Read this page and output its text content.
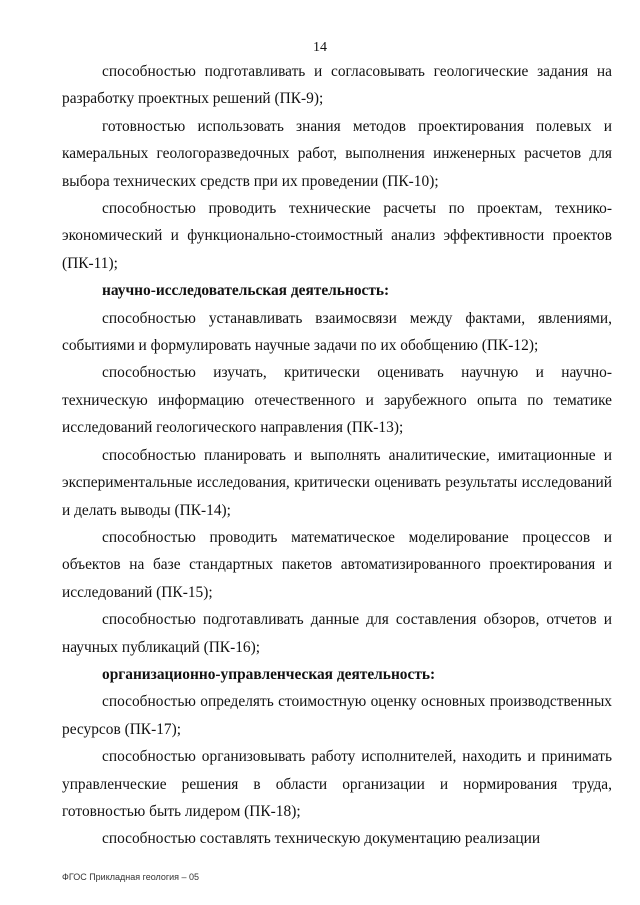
14

способностью подготавливать и согласовывать геологические задания на разработку проектных решений (ПК-9);

готовностью использовать знания методов проектирования полевых и камеральных геологоразведочных работ, выполнения инженерных расчетов для выбора технических средств при их проведении (ПК-10);

способностью проводить технические расчеты по проектам, технико-экономический и функционально-стоимостный анализ эффективности проектов (ПК-11);

научно-исследовательская деятельность:

способностью устанавливать взаимосвязи между фактами, явлениями, событиями и формулировать научные задачи по их обобщению (ПК-12);

способностью изучать, критически оценивать научную и научно-техническую информацию отечественного и зарубежного опыта по тематике исследований геологического направления (ПК-13);

способностью планировать и выполнять аналитические, имитационные и экспериментальные исследования, критически оценивать результаты исследований и делать выводы (ПК-14);

способностью проводить математическое моделирование процессов и объектов на базе стандартных пакетов автоматизированного проектирования и исследований (ПК-15);

способностью подготавливать данные для составления обзоров, отчетов и научных публикаций (ПК-16);

организационно-управленческая деятельность:

способностью определять стоимостную оценку основных производственных ресурсов (ПК-17);

способностью организовывать работу исполнителей, находить и принимать управленческие решения в области организации и нормирования труда, готовностью быть лидером (ПК-18);

способностью составлять техническую документацию реализации

ФГОС Прикладная геология – 05
